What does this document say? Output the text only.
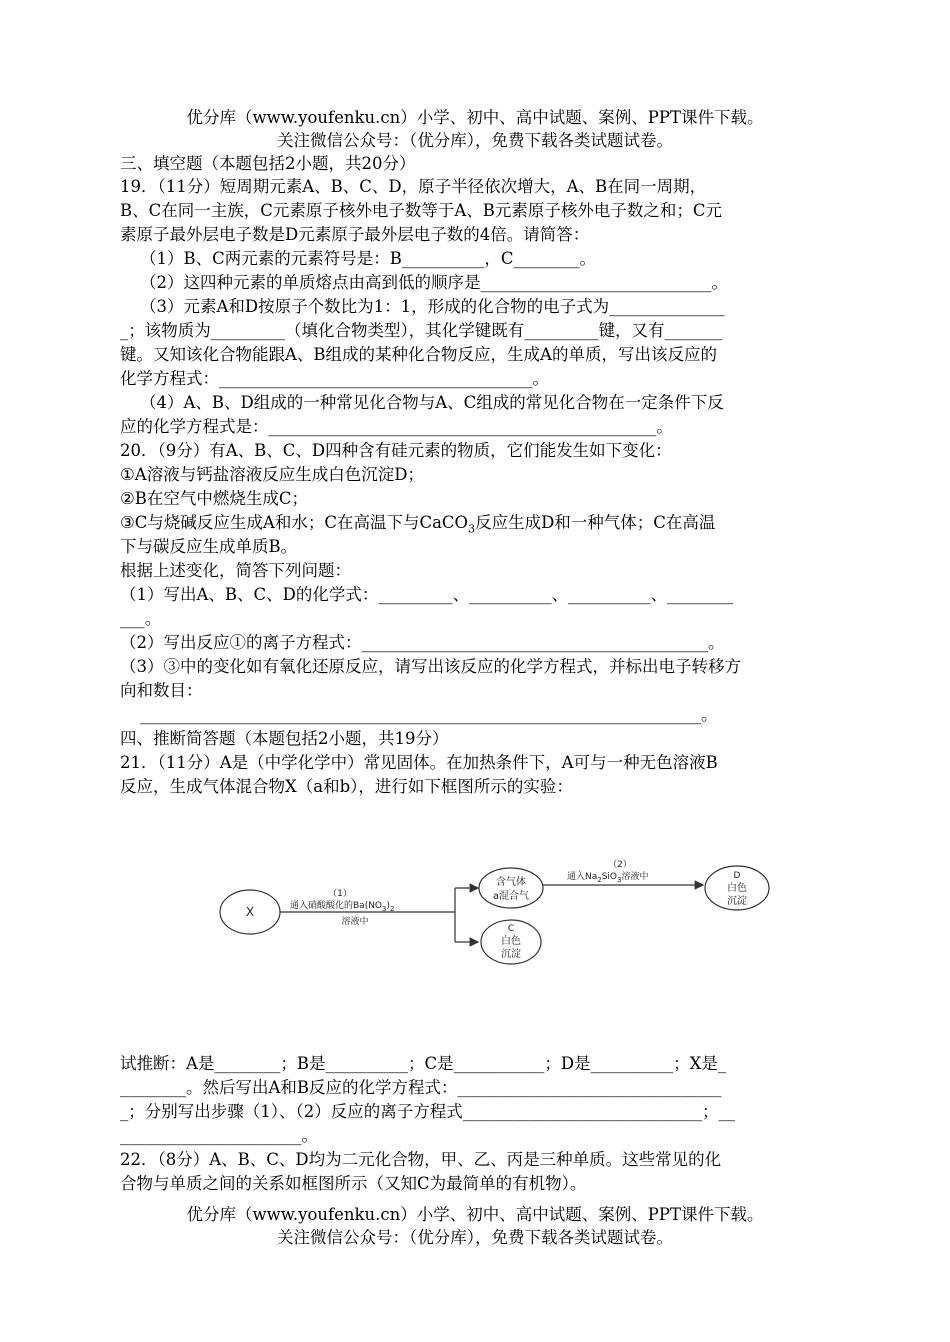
优分库（www.youfenku.cn）小学、初中、高中试题、案例、PPT课件下载。
关注微信公众号：（优分库），免费下载各类试题试卷。
三、填空题（本题包括2小题，共20分）
19．（11分）短周期元素A、B、C、D，原子半径依次增大，A、B在同一周期，
B、C在同一主族，C元素原子核外电子数等于A、B元素原子核外电子数之和；C元
素原子最外层电子数是D元素原子最外层电子数的4倍。请简答：
（1）B、C两元素的元素符号是：B__________，C________。
（2）这四种元素的单质熔点由高到低的顺序是____________________________。
（3）元素A和D按原子个数比为1：1，形成的化合物的电子式为______________
_；该物质为_________（填化合物类型），其化学键既有_________键，又有_______
键。又知该化合物能跟A、B组成的某种化合物反应，生成A的单质，写出该反应的
化学方程式：______________________________________。
（4）A、B、D组成的一种常见化合物与A、C组成的常见化合物在一定条件下反
应的化学方程式是：_______________________________________________。
20．（9分）有A、B、C、D四种含有硅元素的物质，它们能发生如下变化：
①A溶液与钙盐溶液反应生成白色沉淀D；
②B在空气中燃烧生成C；
③C与烧碱反应生成A和水；C在高温下与CaCO$_3$反应生成D和一种气体；C在高温
下与碳反应生成单质B。
根据上述变化，简答下列问题：
（1）写出A、B、C、D的化学式：_________、__________、__________、________
___。
（2）写出反应①的离子方程式：__________________________________________。
（3）③中的变化如有氧化还原反应，请写出该反应的化学方程式，并标出电子转移方
向和数目：
____________________________________________________________________。
四、推断简答题（本题包括2小题，共19分）
21．（11分）A是（中学化学中）常见固体。在加热条件下，A可与一种无色溶液B
反应，生成气体混合物X（a和b），进行如下框图所示的实验：
X
（1）
通入硝酸酸化的$Ba(NO_3)_2$
溶液中
含气体
a混合气
（2）
通入$Na_2SiO_3$溶液中	D
白色
沉淀
C
白色
沉淀
试推断：A是________；B是__________；C是___________；D是__________；X是_
________。然后写出A和B反应的化学方程式：________________________________
_；分别写出步骤（1）、（2）反应的离子方程式_____________________________；__
______________________。
22．（8分）A、B、C、D均为二元化合物，甲、乙、丙是三种单质。这些常见的化
合物与单质之间的关系如框图所示（又知C为最简单的有机物）。
优分库（www.youfenku.cn）小学、初中、高中试题、案例、PPT课件下载。
关注微信公众号：（优分库），免费下载各类试题试卷。
